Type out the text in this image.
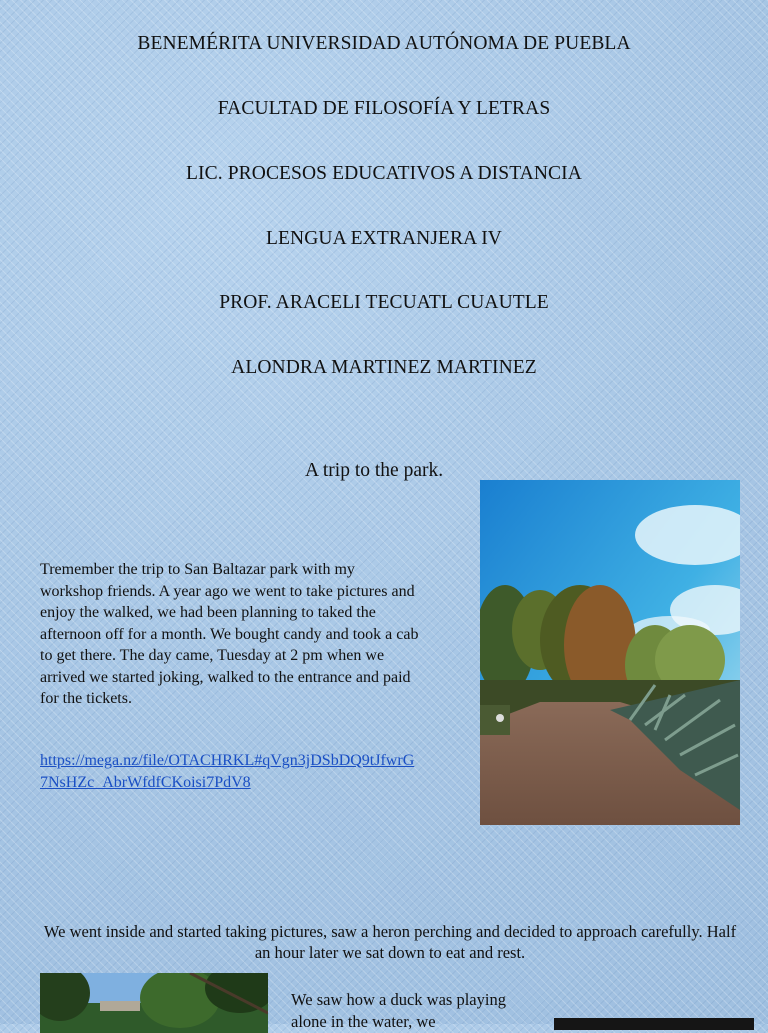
BENEMÉRITA UNIVERSIDAD AUTÓNOMA DE PUEBLA
FACULTAD DE FILOSOFÍA Y LETRAS
LIC. PROCESOS EDUCATIVOS A DISTANCIA
LENGUA EXTRANJERA IV
PROF. ARACELI TECUATL CUAUTLE
ALONDRA MARTINEZ MARTINEZ
A trip to the park.
Tremember the trip to San Baltazar park with my workshop friends. A year ago we went to take pictures and enjoy the walked, we had been planning to taked the afternoon off for a month. We bought candy and took a cab to get there. The day came, Tuesday at 2 pm when we arrived we started joking, walked to the entrance and paid for the tickets.
https://mega.nz/file/OTACHRKL#qVgn3jDSbDQ9tJfwrG7NsHZc_AbrWfdfCKoisi7PdV8
We went inside and started taking pictures, saw a heron perching and decided to approach carefully. Half an hour later we sat down to eat and rest.
We saw how a duck was playing alone in the water, we
